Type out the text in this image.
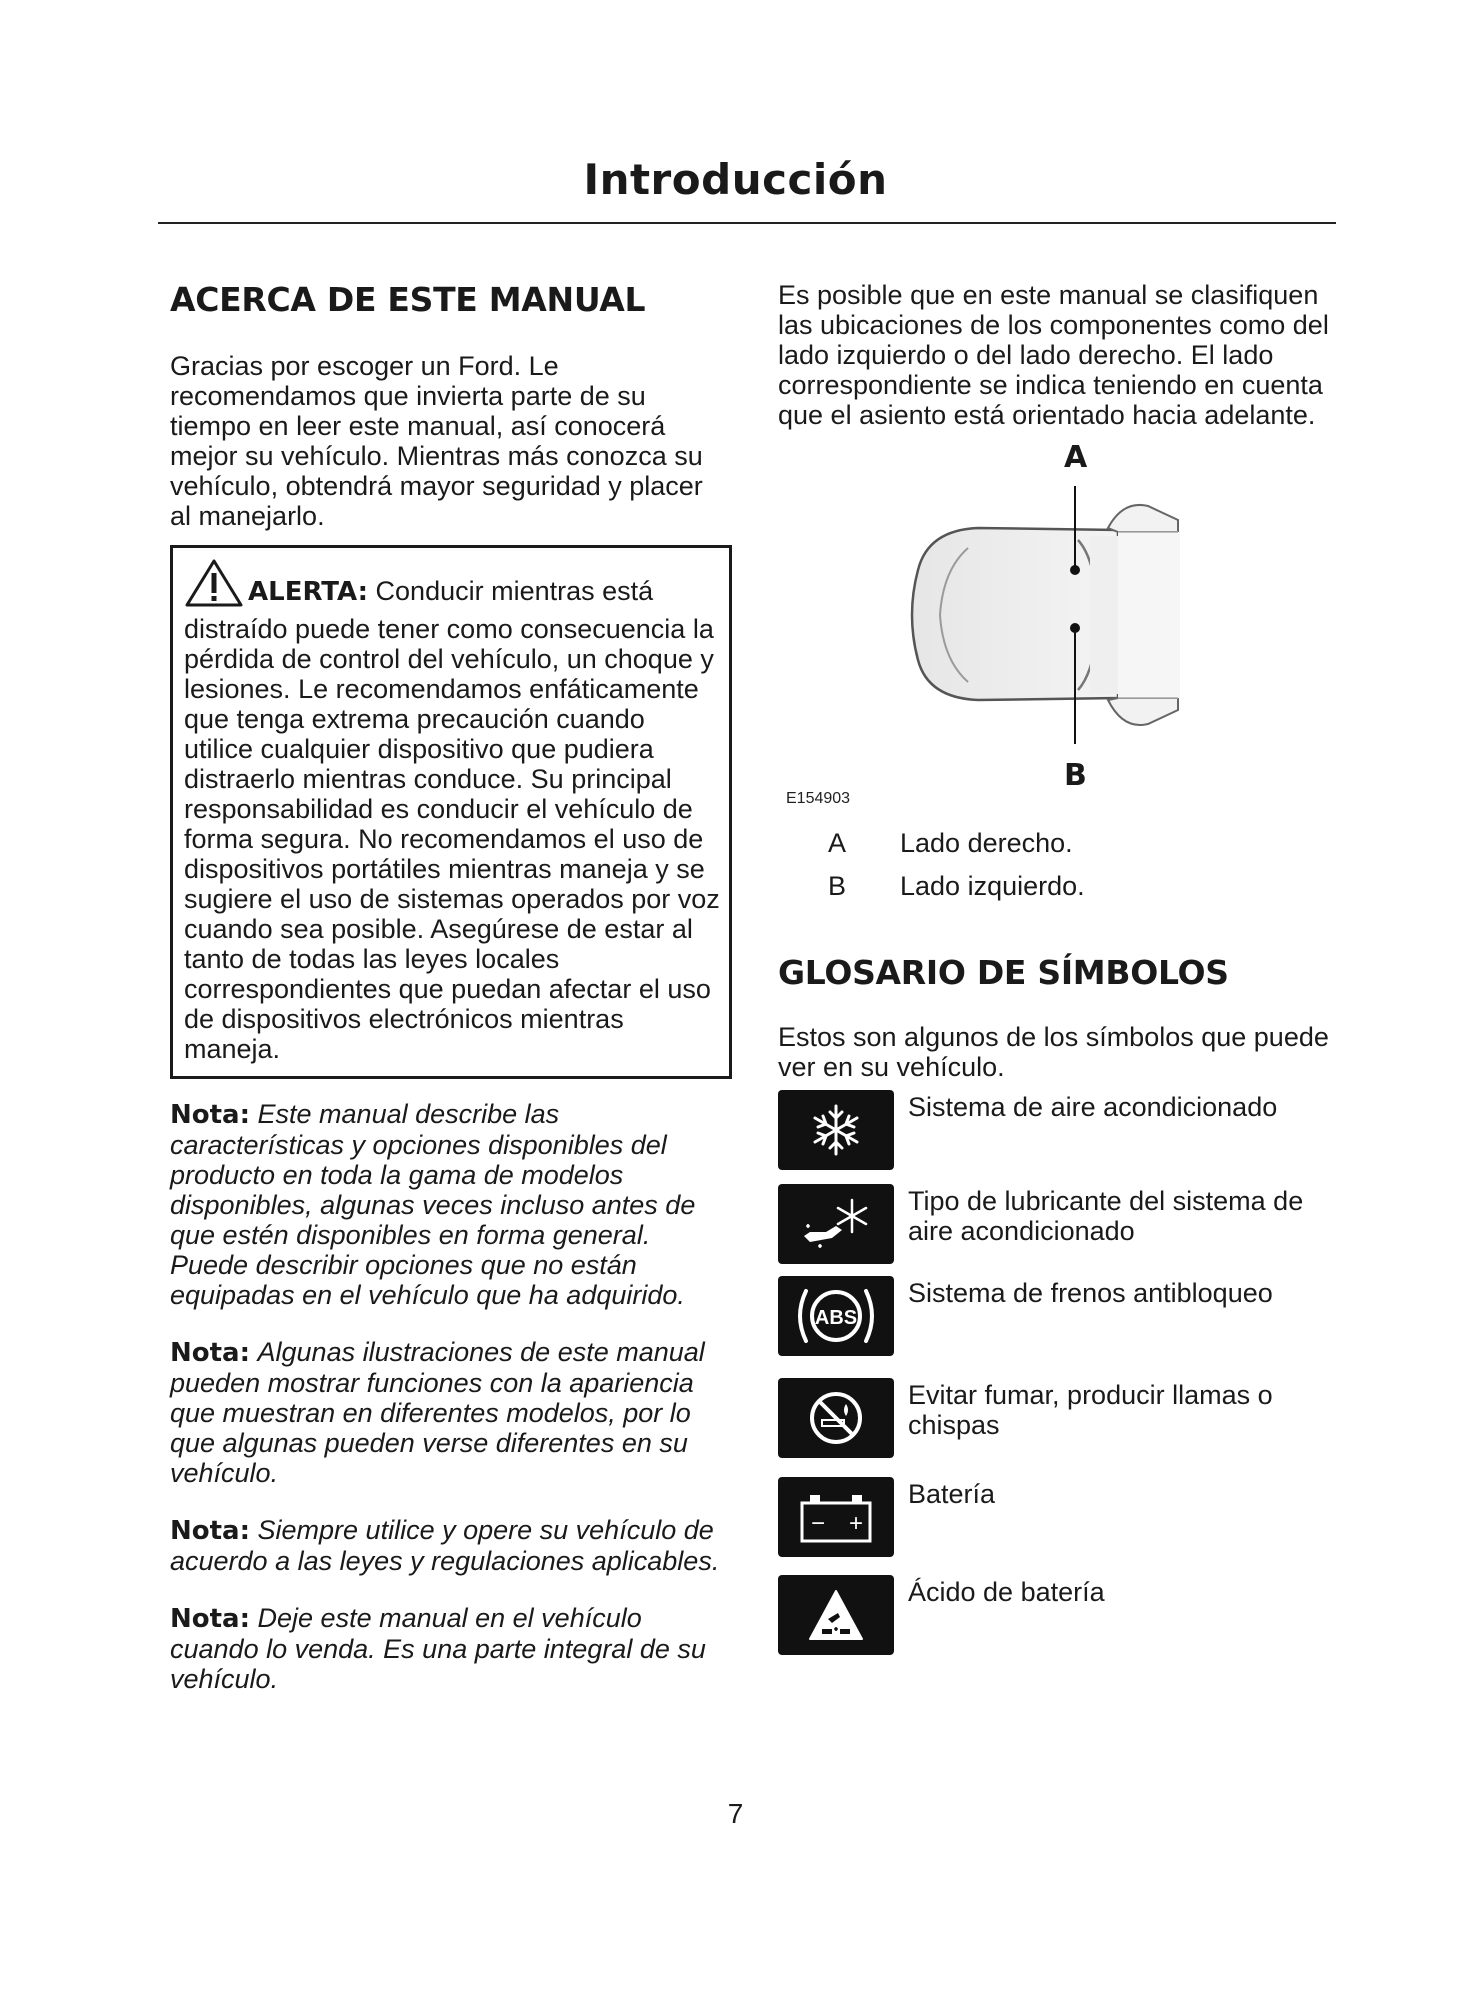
Introducción
ACERCA DE ESTE MANUAL

Gracias por escoger un Ford. Le recomendamos que invierta parte de su tiempo en leer este manual, así conocerá mejor su vehículo. Mientras más conozca su vehículo, obtendrá mayor seguridad y placer al manejarlo.

ALERTA: Conducir mientras está distraído puede tener como consecuencia la pérdida de control del vehículo, un choque y lesiones. Le recomendamos enfáticamente que tenga extrema precaución cuando utilice cualquier dispositivo que pudiera distraerlo mientras conduce. Su principal responsabilidad es conducir el vehículo de forma segura. No recomendamos el uso de dispositivos portátiles mientras maneja y se sugiere el uso de sistemas operados por voz cuando sea posible. Asegúrese de estar al tanto de todas las leyes locales correspondientes que puedan afectar el uso de dispositivos electrónicos mientras maneja.

Nota: Este manual describe las características y opciones disponibles del producto en toda la gama de modelos disponibles, algunas veces incluso antes de que estén disponibles en forma general. Puede describir opciones que no están equipadas en el vehículo que ha adquirido.

Nota: Algunas ilustraciones de este manual pueden mostrar funciones con la apariencia que muestran en diferentes modelos, por lo que algunas pueden verse diferentes en su vehículo.

Nota: Siempre utilice y opere su vehículo de acuerdo a las leyes y regulaciones aplicables.

Nota: Deje este manual en el vehículo cuando lo venda. Es una parte integral de su vehículo.

Es posible que en este manual se clasifiquen las ubicaciones de los componentes como del lado izquierdo o del lado derecho. El lado correspondiente se indica teniendo en cuenta que el asiento está orientado hacia adelante.

A
B
E154903
A	Lado derecho.
B	Lado izquierdo.
GLOSARIO DE SÍMBOLOS

Estos son algunos de los símbolos que puede ver en su vehículo.

Sistema de aire acondicionado
Tipo de lubricante del sistema de aire acondicionado
ABS
Sistema de frenos antibloqueo
Evitar fumar, producir llamas o chispas
− +
Batería
Ácido de batería
7
